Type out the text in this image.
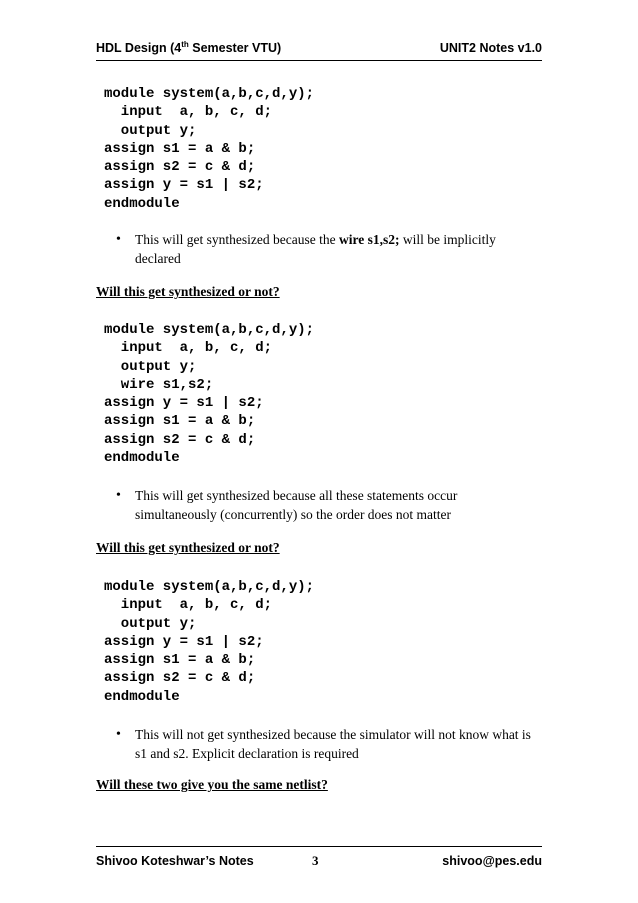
HDL Design (4th Semester VTU)	UNIT2 Notes v1.0
module system(a,b,c,d,y);
input  a, b, c, d;
output y;
assign s1 = a & b;
assign s2 = c & d;
assign y = s1 | s2;
endmodule
• This will get synthesized because the wire s1,s2; will be implicitly declared
Will this get synthesized or not?
module system(a,b,c,d,y);
input  a, b, c, d;
output y;
wire s1,s2;
assign y = s1 | s2;
assign s1 = a & b;
assign s2 = c & d;
endmodule
• This will get synthesized because all these statements occur simultaneously (concurrently) so the order does not matter
Will this get synthesized or not?
module system(a,b,c,d,y);
input  a, b, c, d;
output y;
assign y = s1 | s2;
assign s1 = a & b;
assign s2 = c & d;
endmodule
• This will not get synthesized because the simulator will not know what is s1 and s2. Explicit declaration is required
Will these two give you the same netlist?
Shivoo Koteshwar’s Notes	3	shivoo@pes.edu
